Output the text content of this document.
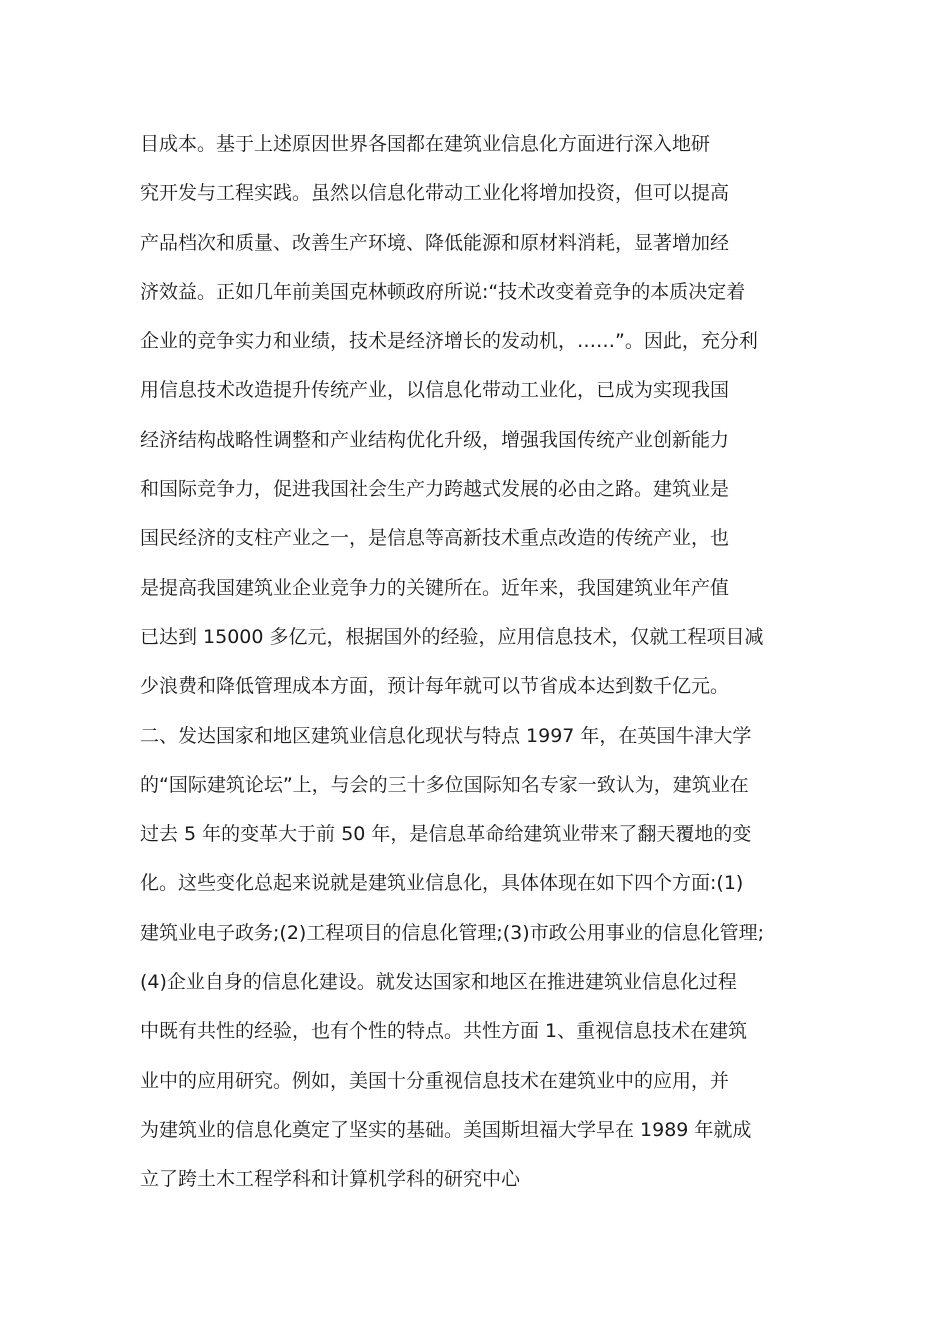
目成本。基于上述原因世界各国都在建筑业信息化方面进行深入地研
究开发与工程实践。虽然以信息化带动工业化将增加投资，但可以提高
产品档次和质量、改善生产环境、降低能源和原材料消耗，显著增加经
济效益。正如几年前美国克林顿政府所说:“技术改变着竞争的本质决定着
企业的竞争实力和业绩，技术是经济增长的发动机，……”。因此，充分利
用信息技术改造提升传统产业，以信息化带动工业化，已成为实现我国
经济结构战略性调整和产业结构优化升级，增强我国传统产业创新能力
和国际竞争力，促进我国社会生产力跨越式发展的必由之路。建筑业是
国民经济的支柱产业之一，是信息等高新技术重点改造的传统产业，也
是提高我国建筑业企业竞争力的关键所在。近年来，我国建筑业年产值
已达到 15000 多亿元，根据国外的经验，应用信息技术，仅就工程项目减
少浪费和降低管理成本方面，预计每年就可以节省成本达到数千亿元。
二、发达国家和地区建筑业信息化现状与特点 1997 年，在英国牛津大学
的“国际建筑论坛”上，与会的三十多位国际知名专家一致认为，建筑业在
过去 5 年的变革大于前 50 年，是信息革命给建筑业带来了翻天覆地的变
化。这些变化总起来说就是建筑业信息化，具体体现在如下四个方面:(1)
建筑业电子政务;(2)工程项目的信息化管理;(3)市政公用事业的信息化管理;
(4)企业自身的信息化建设。就发达国家和地区在推进建筑业信息化过程
中既有共性的经验，也有个性的特点。共性方面 1、重视信息技术在建筑
业中的应用研究。例如，美国十分重视信息技术在建筑业中的应用，并
为建筑业的信息化奠定了坚实的基础。美国斯坦福大学早在 1989 年就成
立了跨土木工程学科和计算机学科的研究中心
